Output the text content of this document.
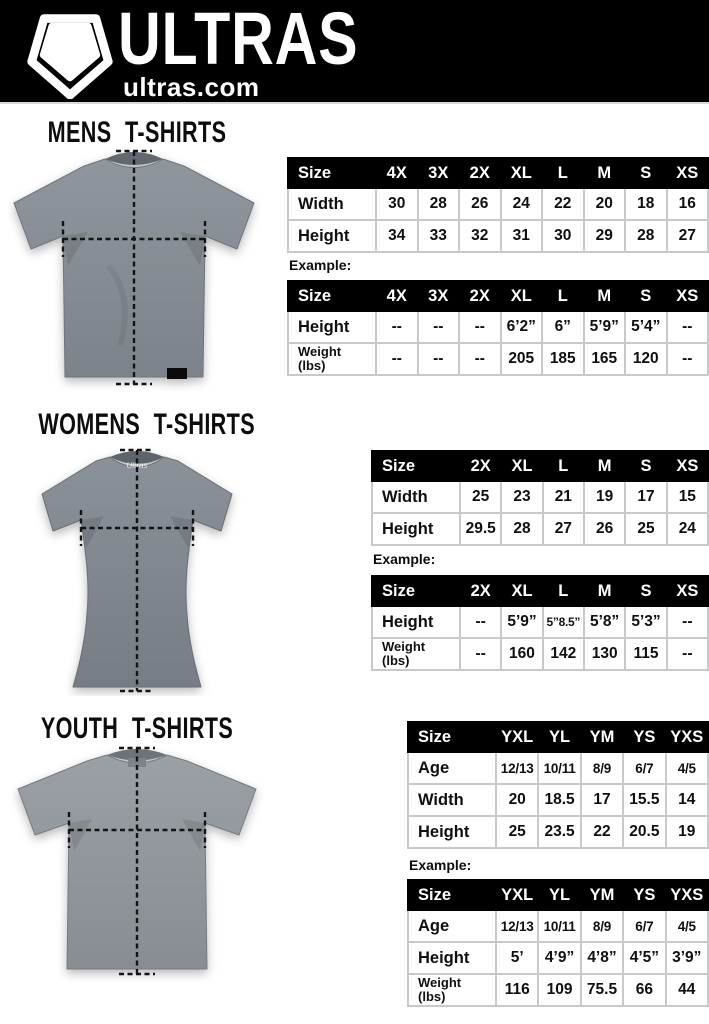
ULTRAS
ultras.com
MENS T-SHIRTS
Size	4X	3X	2X	XL	L	M	S	XS
Width	30	28	26	24	22	20	18	16
Height	34	33	32	31	30	29	28	27
Example:
Size	4X	3X	2X	XL	L	M	S	XS
Height	--	--	--	6’2”	6”	5’9”	5’4”	--
Weight
(lbs)	--	--	--	205	185	165	120	--
WOMENS T-SHIRTS
Ultras	Size	2X	XL	L	M	S	XS
Width	25	23	21	19	17	15
Height	29.5	28	27	26	25	24
Example:
Size	2X	XL	L	M	S	XS
Height	--	5’9”	5”8.5”	5’8”	5’3”	--
Weight
(lbs)	--	160	142	130	115	--
YOUTH T-SHIRTS	Size	YXL	YL	YM	YS	YXS
Age	12/13	10/11	8/9	6/7	4/5
Width	20	18.5	17	15.5	14
Height	25	23.5	22	20.5	19
Example:
Size	YXL	YL	YM	YS	YXS
Age	12/13	10/11	8/9	6/7	4/5
Height	5’	4’9”	4’8”	4’5”	3’9”
Weight
(lbs)	116	109	75.5	66	44
